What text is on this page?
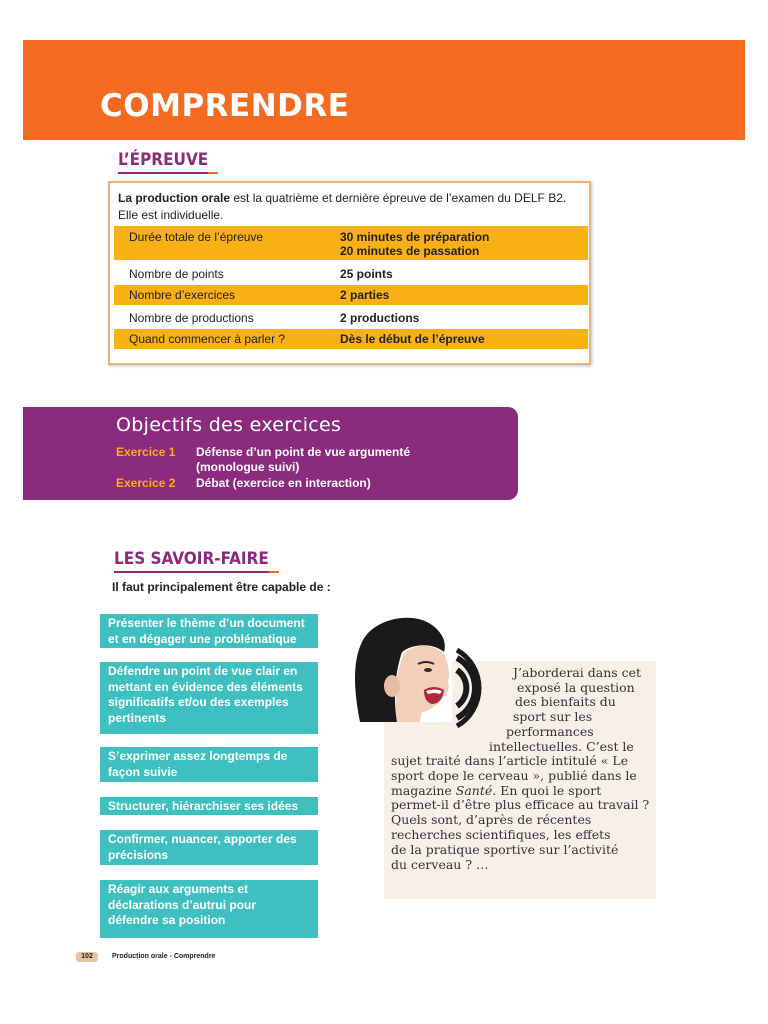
COMPRENDRE
L’ÉPREUVE
La production orale est la quatrième et dernière épreuve de l’examen du DELF B2.
Elle est individuelle.
Durée totale de l’épreuve	30 minutes de préparation
20 minutes de passation
Nombre de points	25 points
Nombre d’exercices	2 parties
Nombre de productions	2 productions
Quand commencer à parler ?	Dès le début de l’épreuve
Objectifs des exercices
Exercice 1 Défense d’un point de vue argumenté
(monologue suivi)
Exercice 2 Débat (exercice en interaction)
LES SAVOIR-FAIRE
Il faut principalement être capable de :
Présenter le thème d’un document
et en dégager une problématique
Défendre un point de vue clair en
mettant en évidence des éléments
significatifs et/ou des exemples
pertinents
S’exprimer assez longtemps de
façon suivie
Structurer, hiérarchiser ses idées
Confirmer, nuancer, apporter des
précisions
Réagir aux arguments et
déclarations d’autrui pour
défendre sa position
J’aborderai dans cet
exposé la question
des bienfaits du
sport sur les
performances
intellectuelles. C’est le
sujet traité dans l’article intitulé « Le
sport dope le cerveau », publié dans le
magazine Santé. En quoi le sport
permet-il d’être plus efficace au travail ?
Quels sont, d’après de récentes
recherches scientifiques, les effets
de la pratique sportive sur l’activité
du cerveau ? …
102	Production orale - Comprendre
